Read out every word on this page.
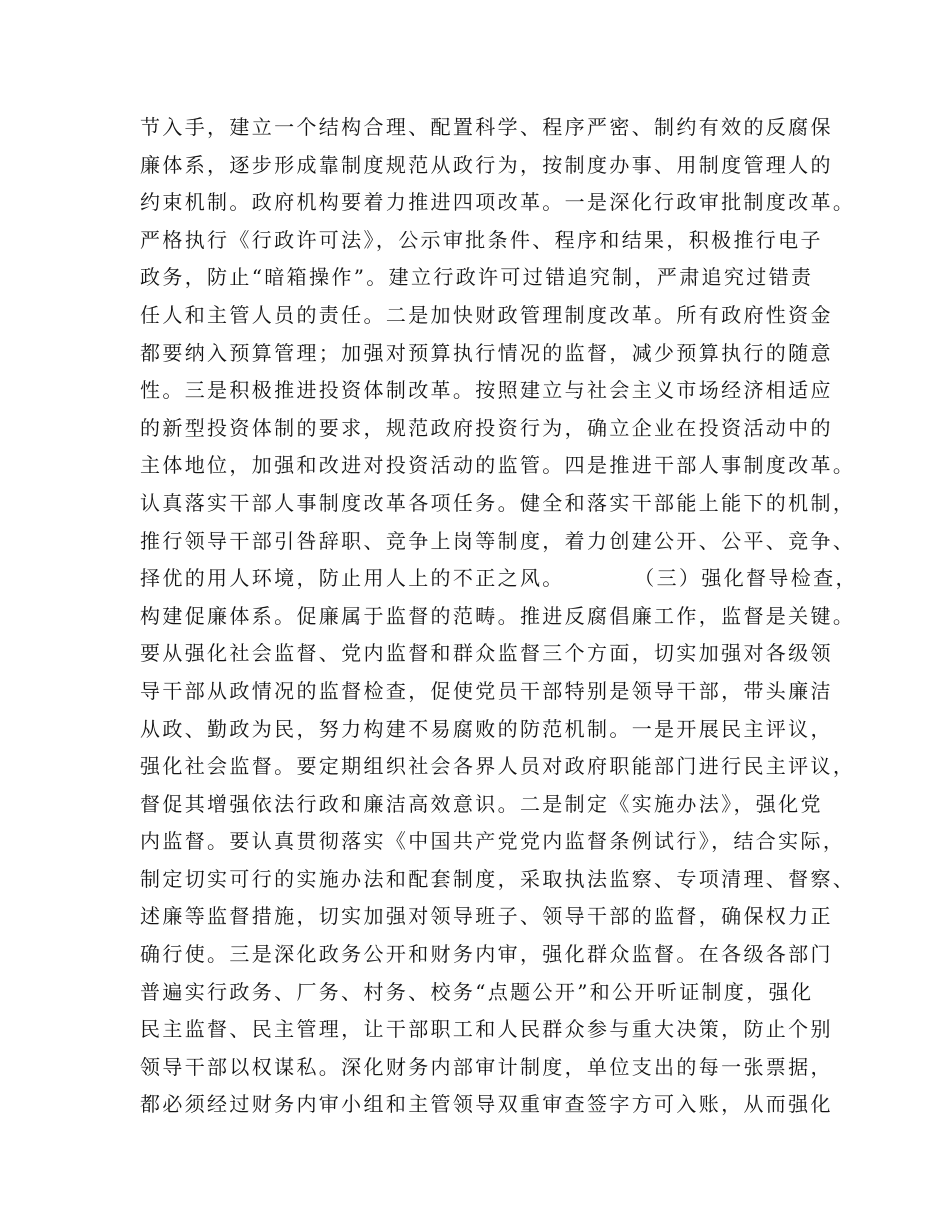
节入手，建立一个结构合理、配置科学、程序严密、制约有效的反腐保
廉体系，逐步形成靠制度规范从政行为，按制度办事、用制度管理人的
约束机制。政府机构要着力推进四项改革。一是深化行政审批制度改革。
严格执行《行政许可法》，公示审批条件、程序和结果，积极推行电子
政务，防止“暗箱操作”。建立行政许可过错追究制，严肃追究过错责
任人和主管人员的责任。二是加快财政管理制度改革。所有政府性资金
都要纳入预算管理；加强对预算执行情况的监督，减少预算执行的随意
性。三是积极推进投资体制改革。按照建立与社会主义市场经济相适应
的新型投资体制的要求，规范政府投资行为，确立企业在投资活动中的
主体地位，加强和改进对投资活动的监管。四是推进干部人事制度改革。
认真落实干部人事制度改革各项任务。健全和落实干部能上能下的机制，
推行领导干部引咎辞职、竞争上岗等制度，着力创建公开、公平、竞争、
择优的用人环境，防止用人上的不正之风。        （三）强化督导检查，
构建促廉体系。促廉属于监督的范畴。推进反腐倡廉工作，监督是关键。
要从强化社会监督、党内监督和群众监督三个方面，切实加强对各级领
导干部从政情况的监督检查，促使党员干部特别是领导干部，带头廉洁
从政、勤政为民，努力构建不易腐败的防范机制。一是开展民主评议，
强化社会监督。要定期组织社会各界人员对政府职能部门进行民主评议，
督促其增强依法行政和廉洁高效意识。二是制定《实施办法》，强化党
内监督。要认真贯彻落实《中国共产党党内监督条例试行》，结合实际，
制定切实可行的实施办法和配套制度，采取执法监察、专项清理、督察、
述廉等监督措施，切实加强对领导班子、领导干部的监督，确保权力正
确行使。三是深化政务公开和财务内审，强化群众监督。在各级各部门
普遍实行政务、厂务、村务、校务“点题公开”和公开听证制度，强化
民主监督、民主管理，让干部职工和人民群众参与重大决策，防止个别
领导干部以权谋私。深化财务内部审计制度，单位支出的每一张票据，
都必须经过财务内审小组和主管领导双重审查签字方可入账，从而强化
